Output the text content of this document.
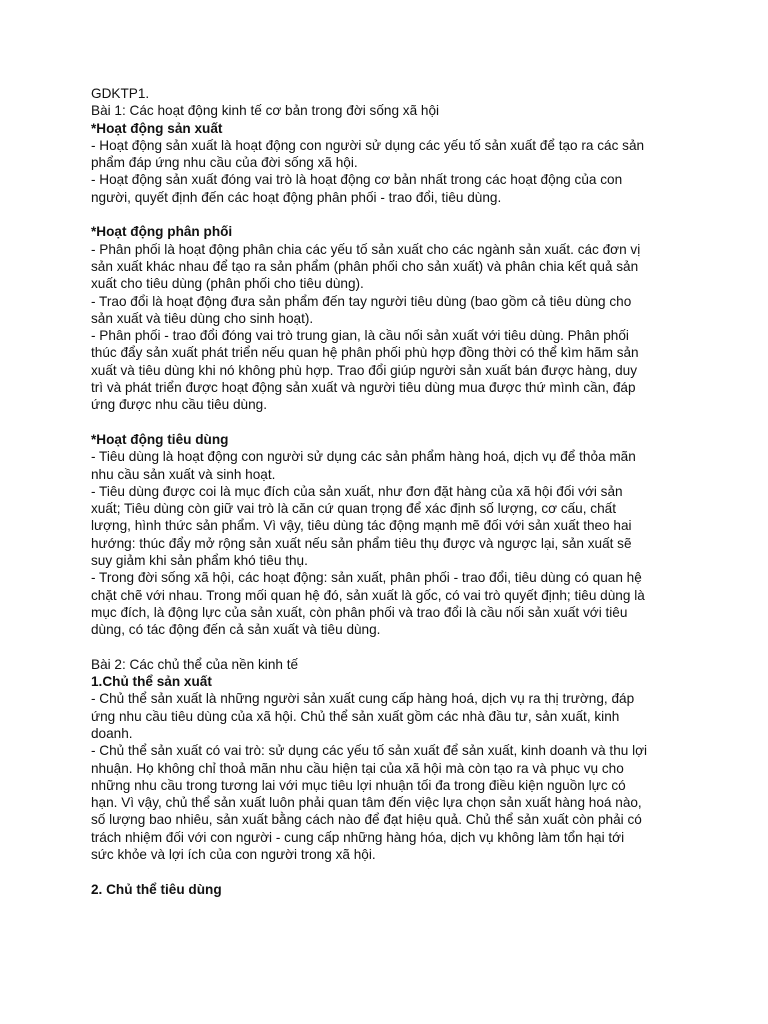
GDKTP1.
Bài 1: Các hoạt động kinh tế cơ bản trong đời sống xã hội
*Hoạt động sản xuất
- Hoạt động sản xuất là hoạt động con người sử dụng các yếu tố sản xuất để tạo ra các sản
phẩm đáp ứng nhu cầu của đời sống xã hội.
- Hoạt động sản xuất đóng vai trò là hoạt động cơ bản nhất trong các hoạt động của con
người, quyết định đến các hoạt động phân phối - trao đổi, tiêu dùng.
*Hoạt động phân phối
- Phân phối là hoạt động phân chia các yếu tố sản xuất cho các ngành sản xuất. các đơn vị
sản xuất khác nhau để tạo ra sản phẩm (phân phối cho sản xuất) và phân chia kết quả sản
xuất cho tiêu dùng (phân phối cho tiêu dùng).
- Trao đổi là hoạt động đưa sản phẩm đến tay người tiêu dùng (bao gồm cả tiêu dùng cho
sản xuất và tiêu dùng cho sinh hoạt).
- Phân phối - trao đổi đóng vai trò trung gian, là cầu nối sản xuất với tiêu dùng. Phân phối
thúc đẩy sản xuất phát triển nếu quan hệ phân phối phù hợp đồng thời có thể kìm hãm sản
xuất và tiêu dùng khi nó không phù hợp. Trao đổi giúp người sản xuất bán được hàng, duy
trì và phát triển được hoạt động sản xuất và người tiêu dùng mua được thứ mình cần, đáp
ứng được nhu cầu tiêu dùng.
*Hoạt động tiêu dùng
- Tiêu dùng là hoạt động con người sử dụng các sản phẩm hàng hoá, dịch vụ để thỏa mãn
nhu cầu sản xuất và sinh hoạt.
- Tiêu dùng được coi là mục đích của sản xuất, như đơn đặt hàng của xã hội đối với sản
xuất; Tiêu dùng còn giữ vai trò là căn cứ quan trọng để xác định số lượng, cơ cấu, chất
lượng, hình thức sản phẩm. Vì vậy, tiêu dùng tác động mạnh mẽ đối với sản xuất theo hai
hướng: thúc đẩy mở rộng sản xuất nếu sản phẩm tiêu thụ được và ngược lại, sản xuất sẽ
suy giảm khi sản phẩm khó tiêu thụ.
- Trong đời sống xã hội, các hoạt động: sản xuất, phân phối - trao đổi, tiêu dùng có quan hệ
chặt chẽ với nhau. Trong mối quan hệ đó, sản xuất là gốc, có vai trò quyết định; tiêu dùng là
mục đích, là động lực của sản xuất, còn phân phối và trao đổi là cầu nối sản xuất với tiêu
dùng, có tác động đến cả sản xuất và tiêu dùng.
Bài 2: Các chủ thể của nền kinh tế
1.Chủ thể sản xuất
- Chủ thể sản xuất là những người sản xuất cung cấp hàng hoá, dịch vụ ra thị trường, đáp
ứng nhu cầu tiêu dùng của xã hội. Chủ thể sản xuất gồm các nhà đầu tư, sản xuất, kinh
doanh.
- Chủ thể sản xuất có vai trò: sử dụng các yếu tố sản xuất để sản xuất, kinh doanh và thu lợi
nhuận. Họ không chỉ thoả mãn nhu cầu hiện tại của xã hội mà còn tạo ra và phục vụ cho
những nhu cầu trong tương lai với mục tiêu lợi nhuận tối đa trong điều kiện nguồn lực có
hạn. Vì vậy, chủ thể sản xuất luôn phải quan tâm đến việc lựa chọn sản xuất hàng hoá nào,
số lượng bao nhiêu, sản xuất bằng cách nào để đạt hiệu quả. Chủ thể sản xuất còn phải có
trách nhiệm đối với con người - cung cấp những hàng hóa, dịch vụ không làm tổn hại tới
sức khỏe và lợi ích của con người trong xã hội.
2. Chủ thể tiêu dùng
